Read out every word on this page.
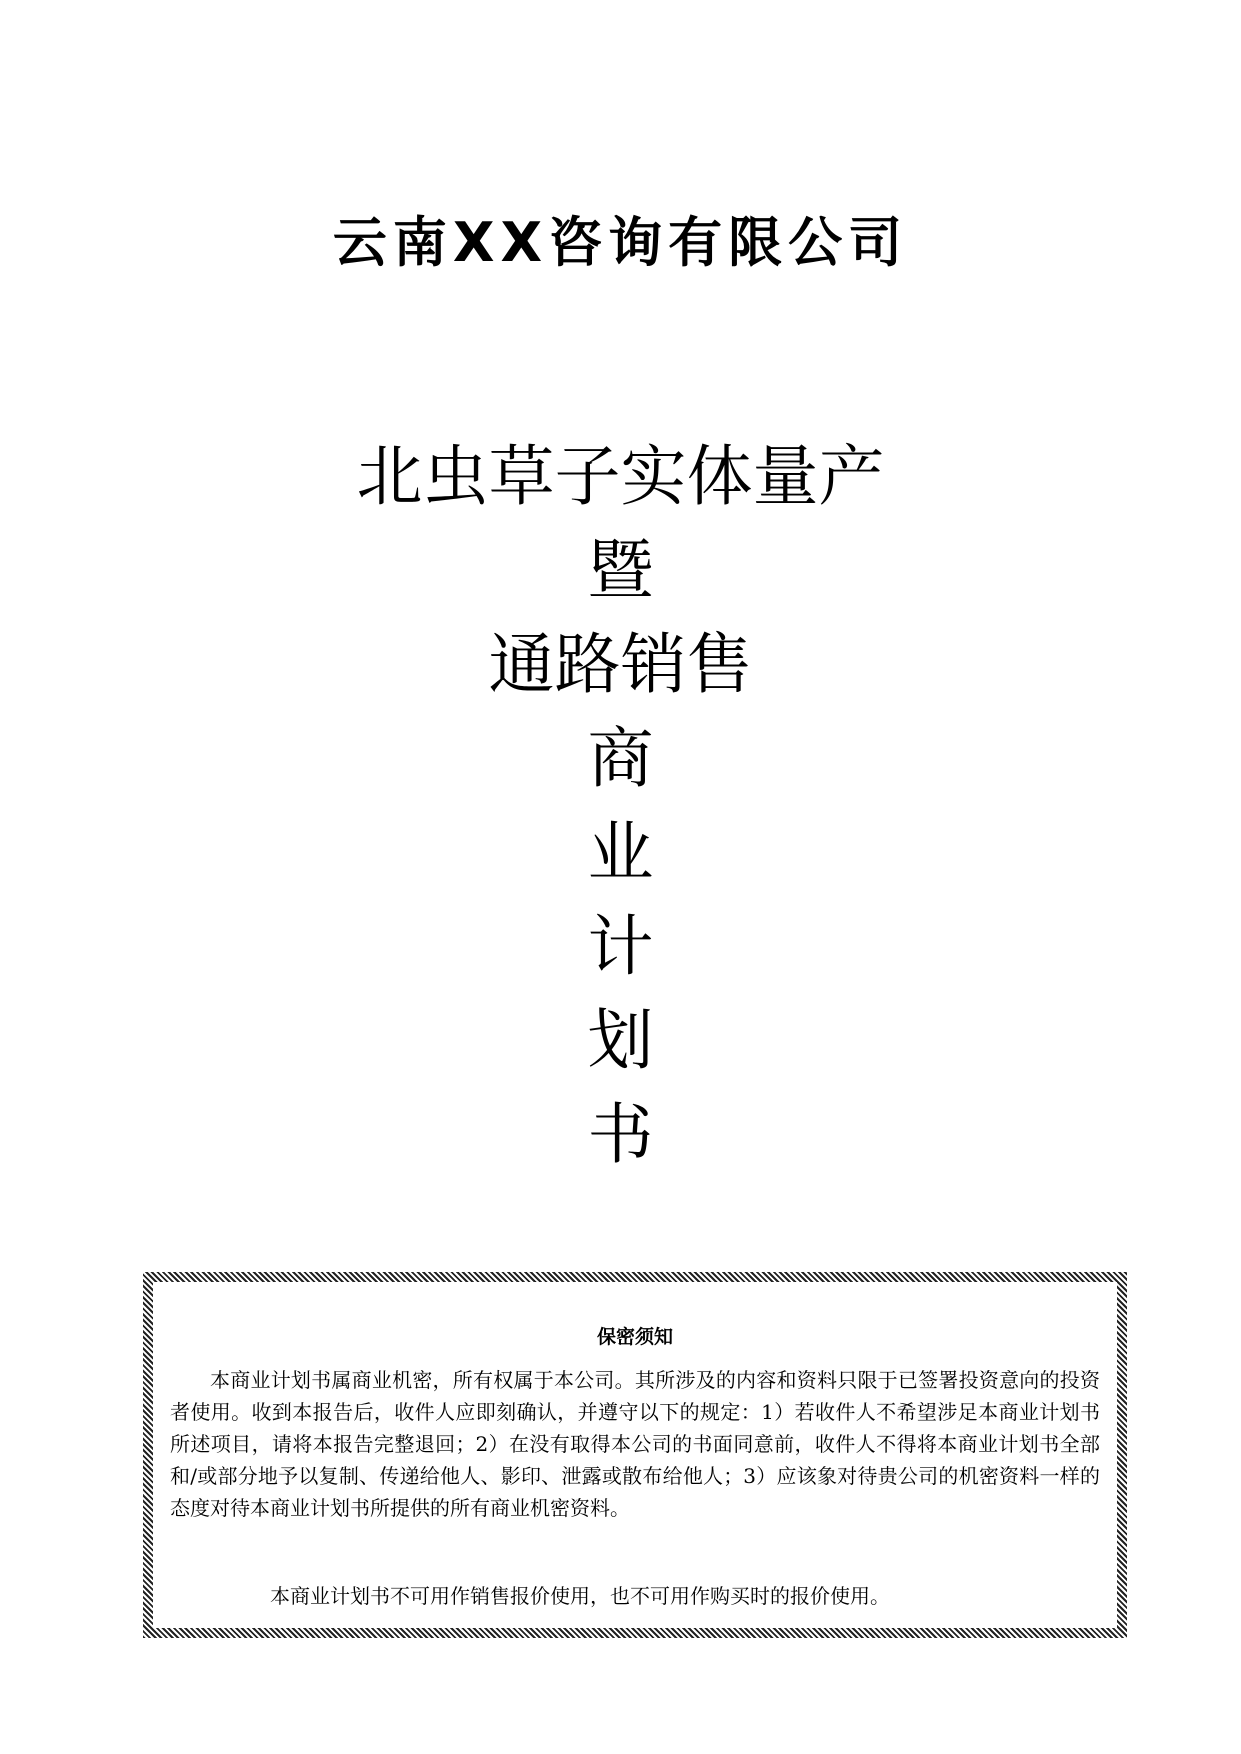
云南XX咨询有限公司
北虫草子实体量产
暨
通路销售
商
业
计
划
书
保密须知
本商业计划书属商业机密，所有权属于本公司。其所涉及的内容和资料只限于已签署投资意向的投资者使用。收到本报告后，收件人应即刻确认，并遵守以下的规定：1）若收件人不希望涉足本商业计划书所述项目，请将本报告完整退回；2）在没有取得本公司的书面同意前，收件人不得将本商业计划书全部和/或部分地予以复制、传递给他人、影印、泄露或散布给他人；3）应该象对待贵公司的机密资料一样的态度对待本商业计划书所提供的所有商业机密资料。
本商业计划书不可用作销售报价使用，也不可用作购买时的报价使用。
